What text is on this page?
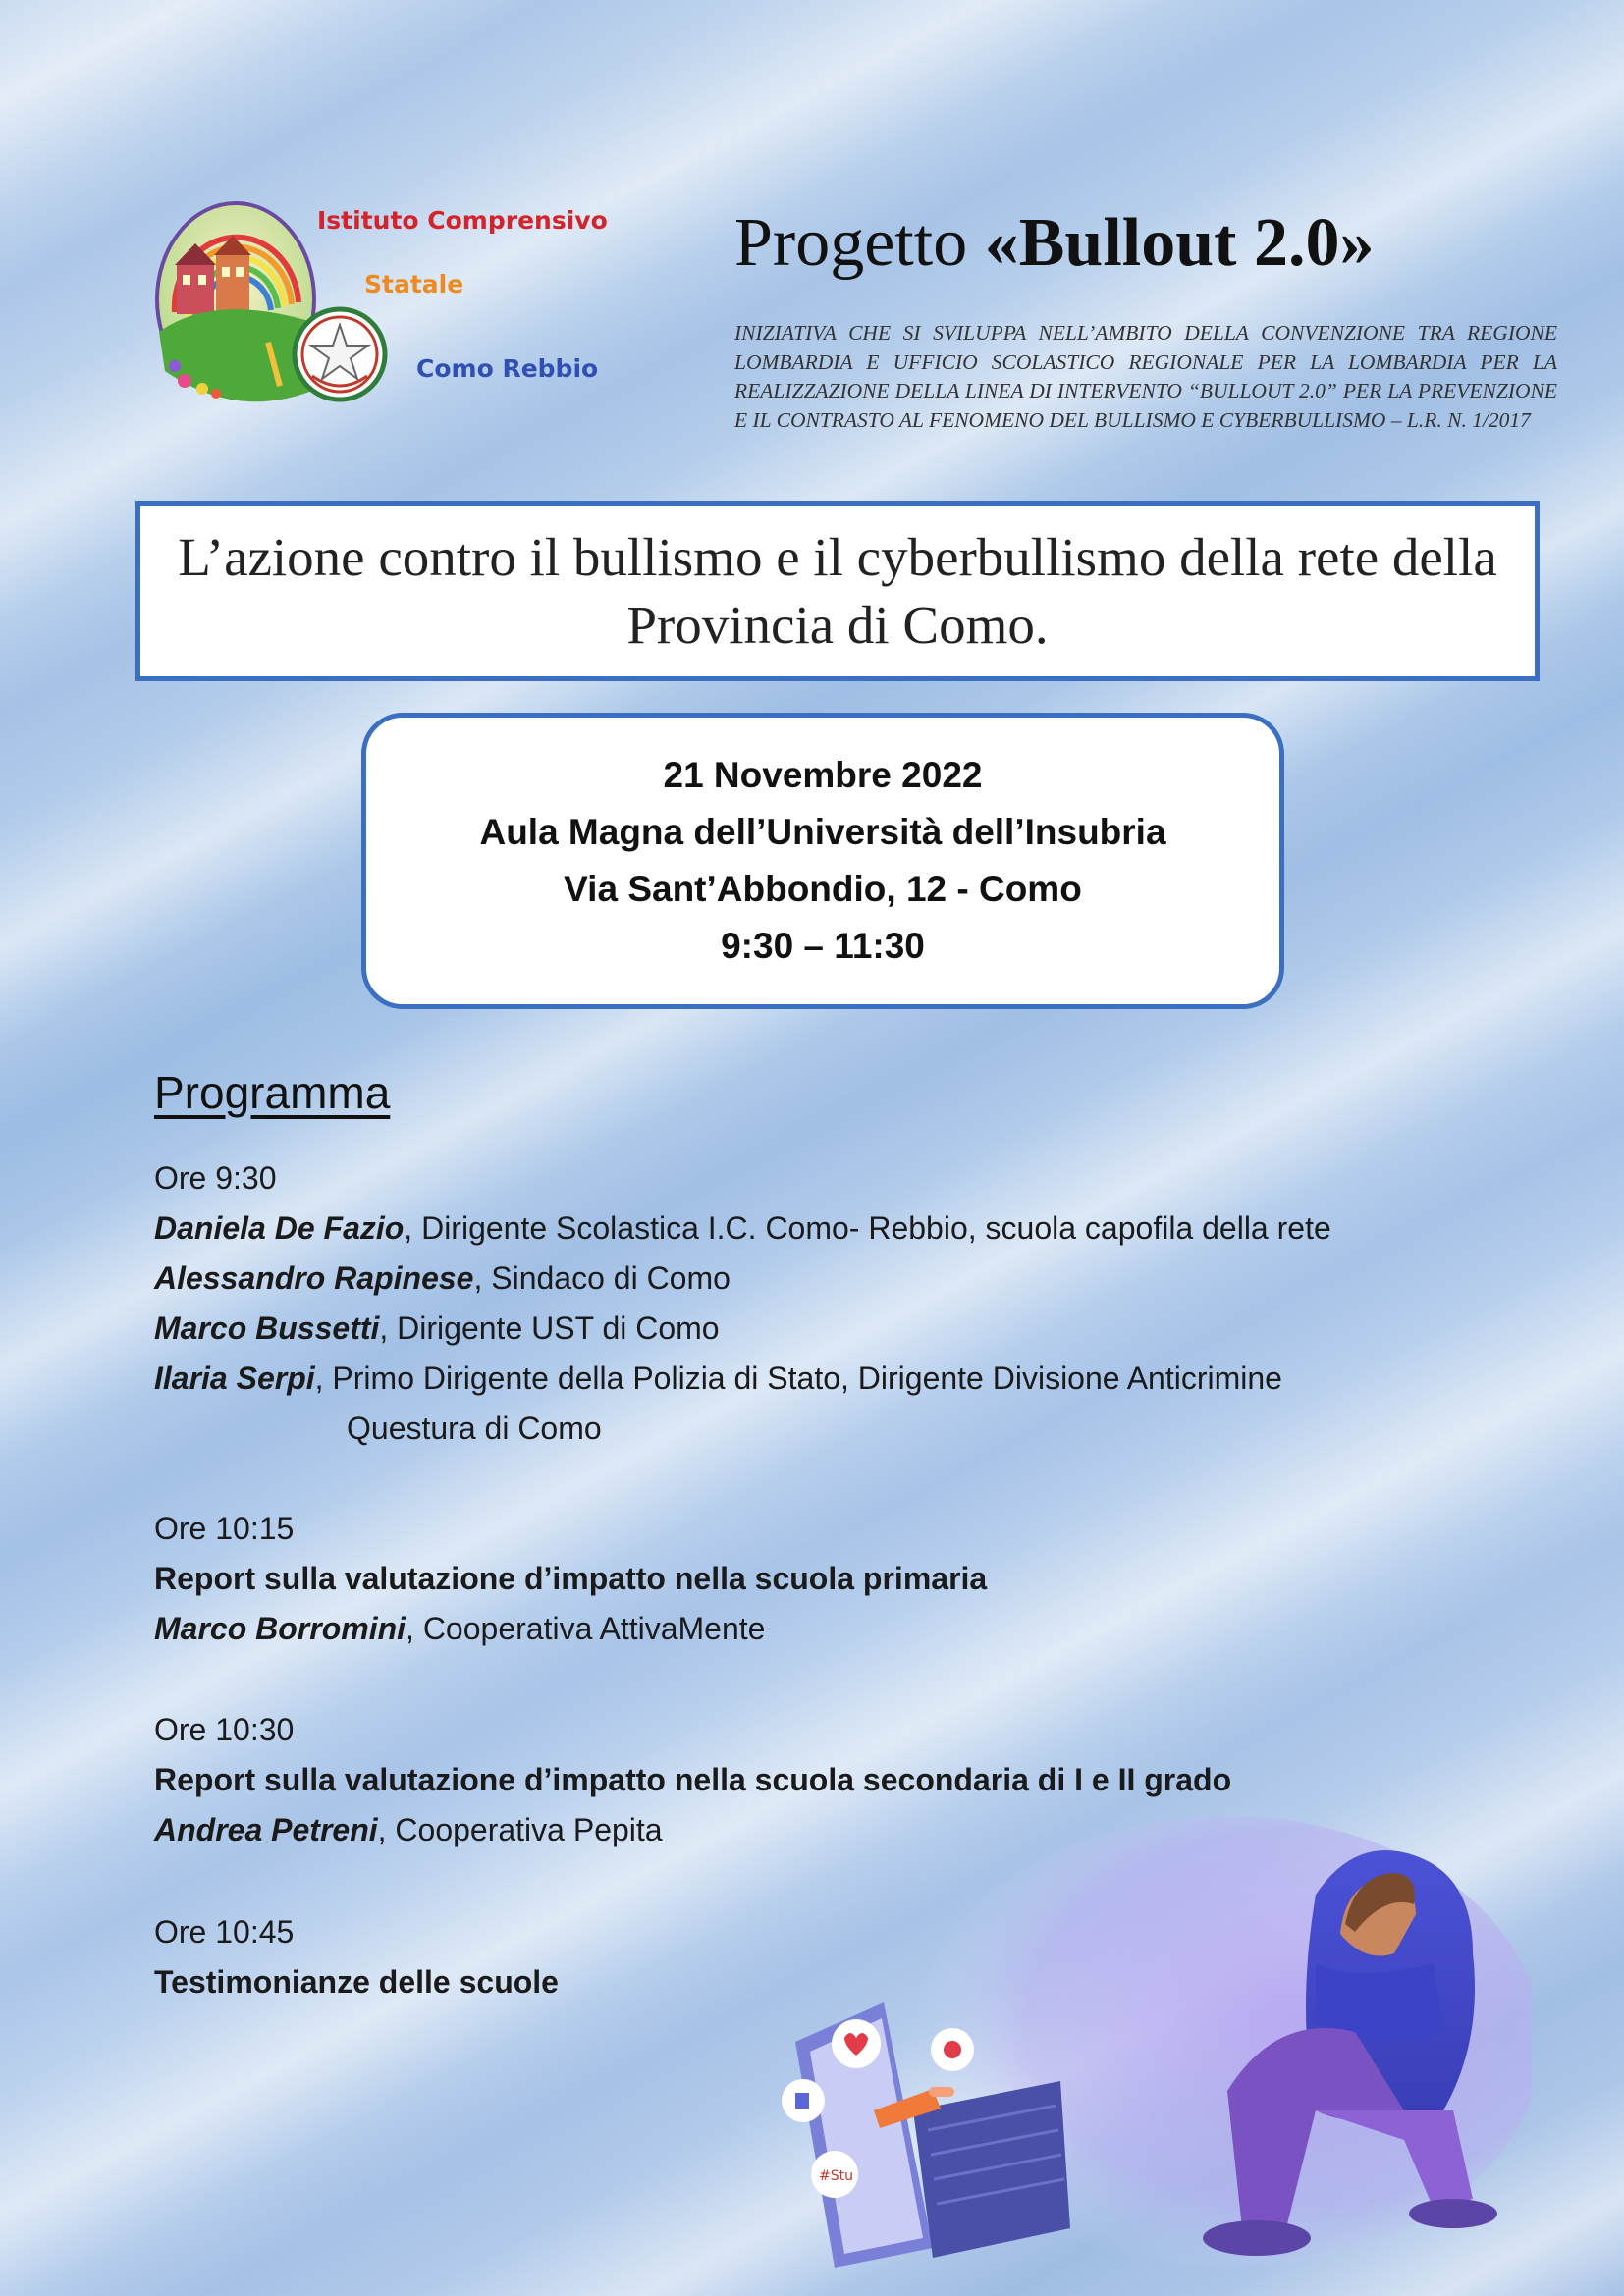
Istituto Comprensivo
Statale
Como Rebbio
Progetto «Bullout 2.0»
INIZIATIVA CHE SI SVILUPPA NELL’AMBITO DELLA CONVENZIONE TRA REGIONE LOMBARDIA E UFFICIO SCOLASTICO REGIONALE PER LA LOMBARDIA PER LA REALIZZAZIONE DELLA LINEA DI INTERVENTO “BULLOUT 2.0” PER LA PREVENZIONE E IL CONTRASTO AL FENOMENO DEL BULLISMO E CYBERBULLISMO – L.R. N. 1/2017
L’azione contro il bullismo e il cyberbullismo della rete della Provincia di Como.
21 Novembre 2022
Aula Magna dell’Università dell’Insubria
Via Sant’Abbondio, 12 - Como
9:30 – 11:30
Programma
Ore 9:30
Daniela De Fazio, Dirigente Scolastica I.C. Como- Rebbio, scuola capofila della rete
Alessandro Rapinese, Sindaco di Como
Marco Bussetti, Dirigente UST di Como
Ilaria Serpi, Primo Dirigente della Polizia di Stato, Dirigente Divisione Anticrimine
Questura di Como
Ore 10:15
Report sulla valutazione d’impatto nella scuola primaria
Marco Borromini, Cooperativa AttivaMente
Ore 10:30
Report sulla valutazione d’impatto nella scuola secondaria di I e II grado
Andrea Petreni, Cooperativa Pepita
Ore 10:45
Testimonianze delle scuole
#Stu
